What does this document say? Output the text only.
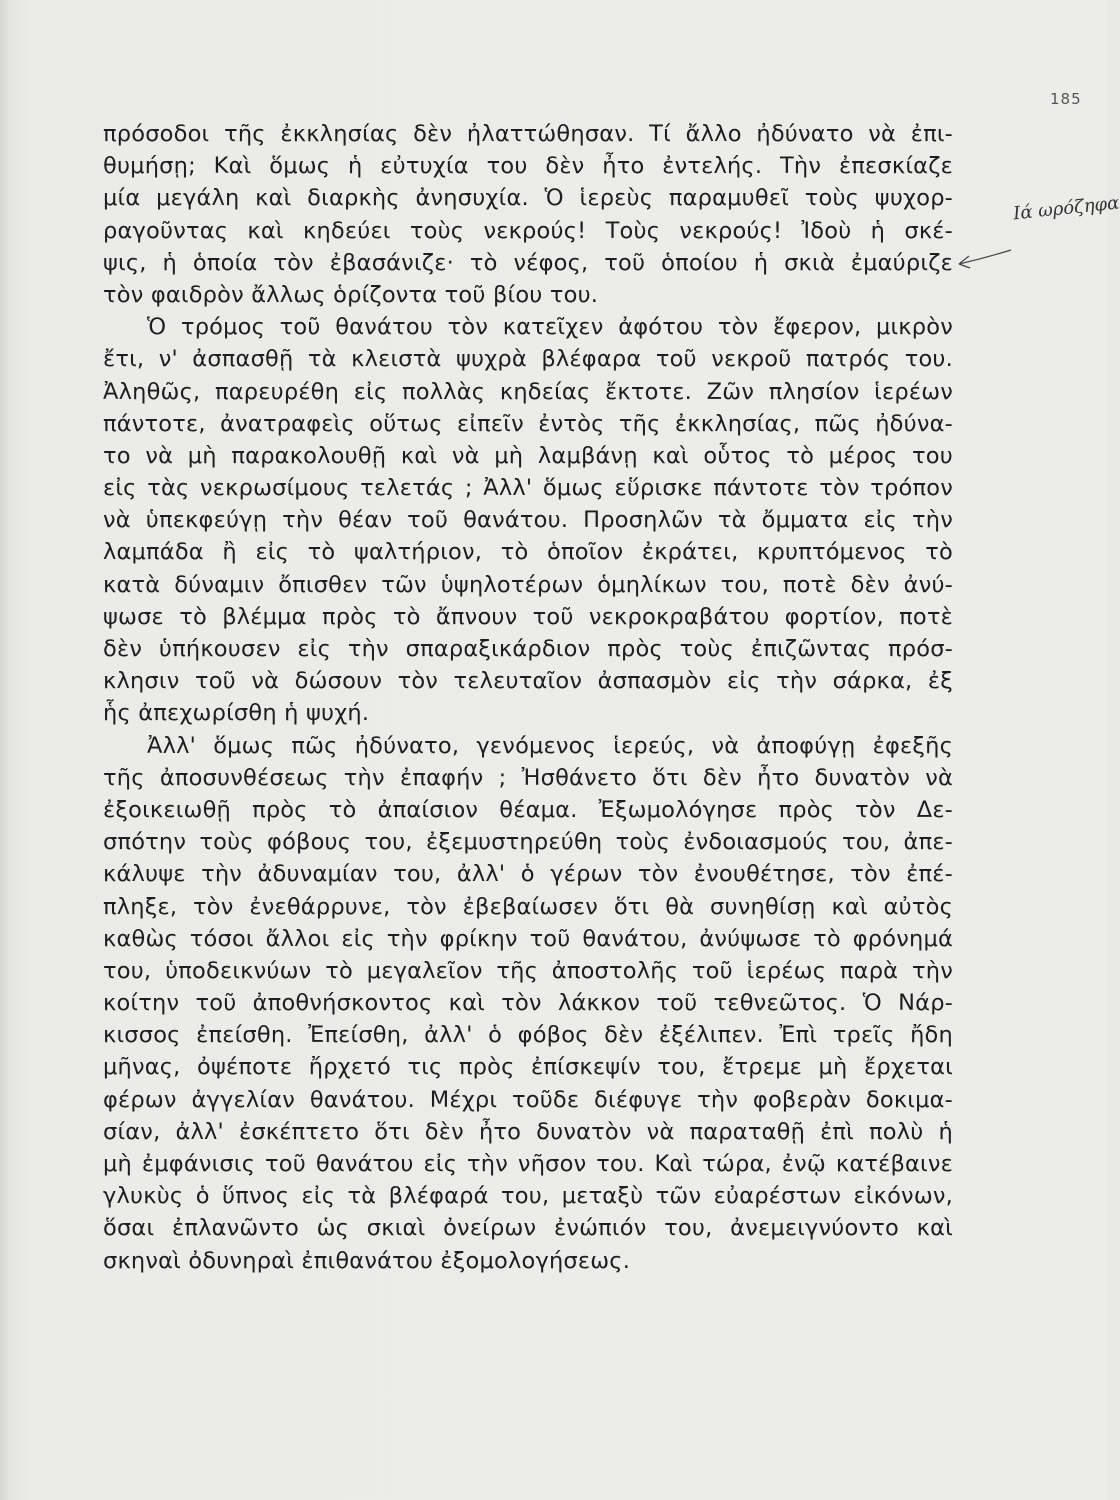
185
πρόσοδοι τῆς ἐκκλησίας δὲν ἠλαττώθησαν. Τί ἄλλο ἠδύνατο νὰ ἐπι-
θυμήσῃ; Καὶ ὅμως ἡ εὐτυχία του δὲν ἦτο ἐντελής. Τὴν ἐπεσκίαζε
μία μεγάλη καὶ διαρκὴς ἀνησυχία. Ὁ ἱερεὺς παραμυθεῖ τοὺς ψυχορ-
ραγοῦντας καὶ κηδεύει τοὺς νεκρούς! Τοὺς νεκρούς! Ἰδοὺ ἡ σκέ-
ψις, ἡ ὁποία τὸν ἐβασάνιζε· τὸ νέφος, τοῦ ὁποίου ἡ σκιὰ ἐμαύριζε
τὸν φαιδρὸν ἄλλως ὁρίζοντα τοῦ βίου του.
Ὁ τρόμος τοῦ θανάτου τὸν κατεῖχεν ἀφότου τὸν ἔφερον, μικρὸν
ἔτι, ν' ἀσπασθῇ τὰ κλειστὰ ψυχρὰ βλέφαρα τοῦ νεκροῦ πατρός του.
Ἀληθῶς, παρευρέθη εἰς πολλὰς κηδείας ἔκτοτε. Ζῶν πλησίον ἱερέων
πάντοτε, ἀνατραφεὶς οὕτως εἰπεῖν ἐντὸς τῆς ἐκκλησίας, πῶς ἠδύνα-
το νὰ μὴ παρακολουθῇ καὶ νὰ μὴ λαμβάνῃ καὶ οὗτος τὸ μέρος του
εἰς τὰς νεκρωσίμους τελετάς ; Ἀλλ' ὅμως εὕρισκε πάντοτε τὸν τρόπον
νὰ ὑπεκφεύγῃ τὴν θέαν τοῦ θανάτου. Προσηλῶν τὰ ὄμματα εἰς τὴν
λαμπάδα ἢ εἰς τὸ ψαλτήριον, τὸ ὁποῖον ἐκράτει, κρυπτόμενος τὸ
κατὰ δύναμιν ὄπισθεν τῶν ὑψηλοτέρων ὁμηλίκων του, ποτὲ δὲν ἀνύ-
ψωσε τὸ βλέμμα πρὸς τὸ ἄπνουν τοῦ νεκροκραβάτου φορτίον, ποτὲ
δὲν ὑπήκουσεν εἰς τὴν σπαραξικάρδιον πρὸς τοὺς ἐπιζῶντας πρόσ-
κλησιν τοῦ νὰ δώσουν τὸν τελευταῖον ἀσπασμὸν εἰς τὴν σάρκα, ἐξ
ἧς ἀπεχωρίσθη ἡ ψυχή.
Ἀλλ' ὅμως πῶς ἠδύνατο, γενόμενος ἱερεύς, νὰ ἀποφύγῃ ἐφεξῆς
τῆς ἀποσυνθέσεως τὴν ἐπαφήν ; Ἠσθάνετο ὅτι δὲν ἦτο δυνατὸν νὰ
ἐξοικειωθῇ πρὸς τὸ ἀπαίσιον θέαμα. Ἐξωμολόγησε πρὸς τὸν Δε-
σπότην τοὺς φόβους του, ἐξεμυστηρεύθη τοὺς ἐνδοιασμούς του, ἀπε-
κάλυψε τὴν ἀδυναμίαν του, ἀλλ' ὁ γέρων τὸν ἐνουθέτησε, τὸν ἐπέ-
πληξε, τὸν ἐνεθάρρυνε, τὸν ἐβεβαίωσεν ὅτι θὰ συνηθίσῃ καὶ αὐτὸς
καθὼς τόσοι ἄλλοι εἰς τὴν φρίκην τοῦ θανάτου, ἀνύψωσε τὸ φρόνημά
του, ὑποδεικνύων τὸ μεγαλεῖον τῆς ἀποστολῆς τοῦ ἱερέως παρὰ τὴν
κοίτην τοῦ ἀποθνήσκοντος καὶ τὸν λάκκον τοῦ τεθνεῶτος. Ὁ Νάρ-
κισσος ἐπείσθη. Ἐπείσθη, ἀλλ' ὁ φόβος δὲν ἐξέλιπεν. Ἐπὶ τρεῖς ἤδη
μῆνας, ὀψέποτε ἤρχετό τις πρὸς ἐπίσκεψίν του, ἔτρεμε μὴ ἔρχεται
φέρων ἀγγελίαν θανάτου. Μέχρι τοῦδε διέφυγε τὴν φοβερὰν δοκιμα-
σίαν, ἀλλ' ἐσκέπτετο ὅτι δὲν ἦτο δυνατὸν νὰ παραταθῇ ἐπὶ πολὺ ἡ
μὴ ἐμφάνισις τοῦ θανάτου εἰς τὴν νῆσον του. Καὶ τώρα, ἐνῷ κατέβαινε
γλυκὺς ὁ ὕπνος εἰς τὰ βλέφαρά του, μεταξὺ τῶν εὐαρέστων εἰκόνων,
ὅσαι ἐπλανῶντο ὡς σκιαὶ ὀνείρων ἐνώπιόν του, ἀνεμειγνύοντο καὶ
σκηναὶ ὀδυνηραὶ ἐπιθανάτου ἐξομολογήσεως.
Ιά ωρόζηφα
